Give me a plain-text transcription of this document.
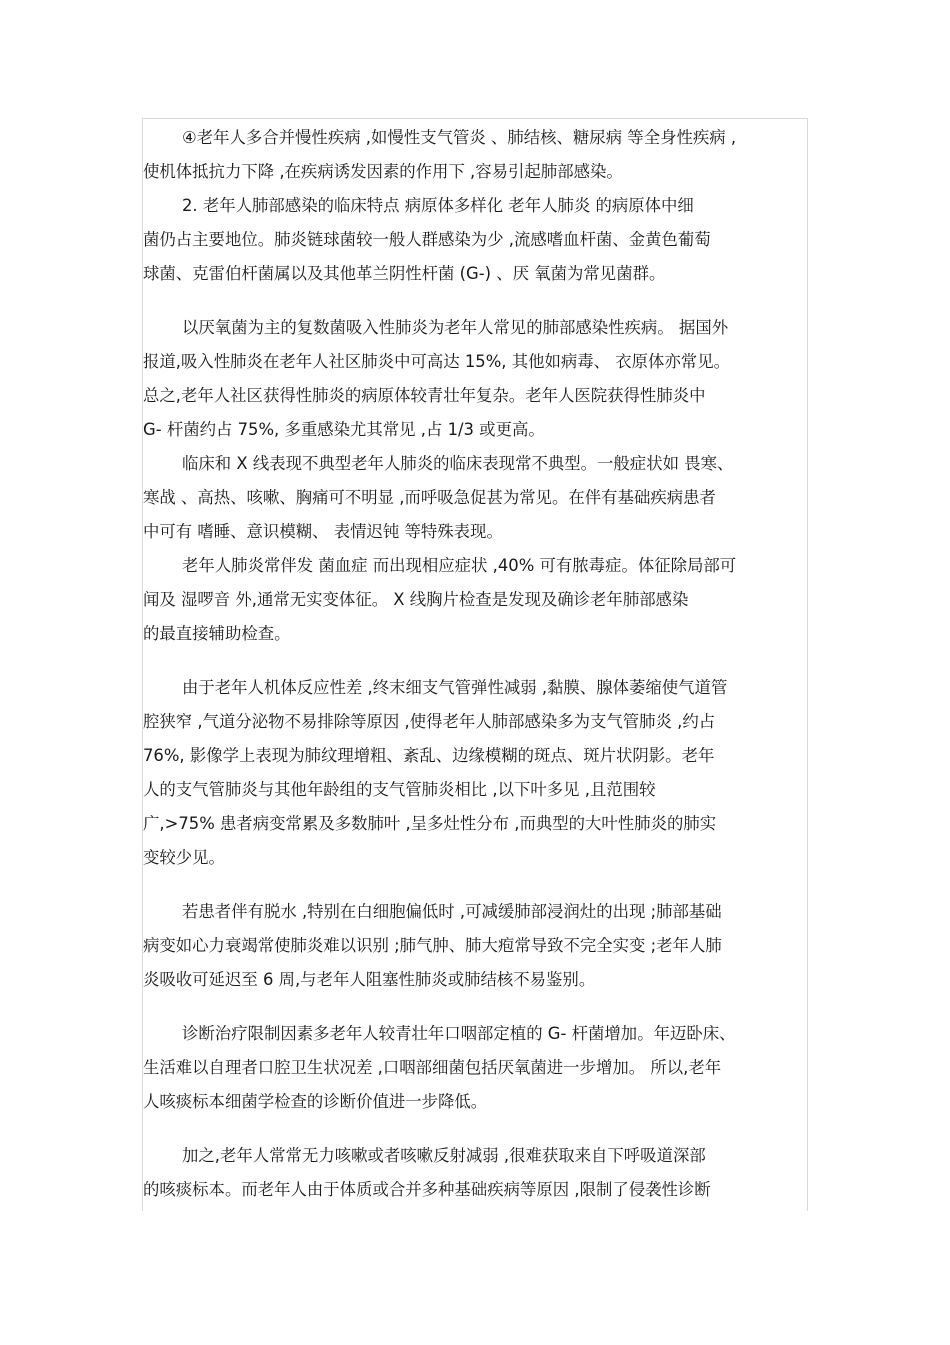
④老年人多合并慢性疾病 ,如慢性支气管炎 、肺结核、糖尿病 等全身性疾病 ,
使机体抵抗力下降 ,在疾病诱发因素的作用下 ,容易引起肺部感染。
2. 老年人肺部感染的临床特点 病原体多样化 老年人肺炎 的病原体中细
菌仍占主要地位。肺炎链球菌较一般人群感染为少 ,流感嗜血杆菌、金黄色葡萄
球菌、克雷伯杆菌属以及其他革兰阴性杆菌 (G-) 、厌 氧菌为常见菌群。
以厌氧菌为主的复数菌吸入性肺炎为老年人常见的肺部感染性疾病。 据国外
报道,吸入性肺炎在老年人社区肺炎中可高达 15%, 其他如病毒、 衣原体亦常见。
总之,老年人社区获得性肺炎的病原体较青壮年复杂。老年人医院获得性肺炎中
G- 杆菌约占 75%, 多重感染尤其常见 ,占 1/3 或更高。
临床和 X 线表现不典型老年人肺炎的临床表现常不典型。一般症状如 畏寒、
寒战 、高热、咳嗽、胸痛可不明显 ,而呼吸急促甚为常见。在伴有基础疾病患者
中可有 嗜睡、意识模糊、 表情迟钝 等特殊表现。
老年人肺炎常伴发 菌血症 而出现相应症状 ,40% 可有脓毒症。体征除局部可
闻及 湿啰音 外,通常无实变体征。 X 线胸片检查是发现及确诊老年肺部感染
的最直接辅助检查。
由于老年人机体反应性差 ,终末细支气管弹性减弱 ,黏膜、腺体萎缩使气道管
腔狭窄 ,气道分泌物不易排除等原因 ,使得老年人肺部感染多为支气管肺炎 ,约占
76%, 影像学上表现为肺纹理增粗、紊乱、边缘模糊的斑点、斑片状阴影。老年
人的支气管肺炎与其他年龄组的支气管肺炎相比 ,以下叶多见 ,且范围较
广,>75% 患者病变常累及多数肺叶 ,呈多灶性分布 ,而典型的大叶性肺炎的肺实
变较少见。
若患者伴有脱水 ,特别在白细胞偏低时 ,可减缓肺部浸润灶的出现 ;肺部基础
病变如心力衰竭常使肺炎难以识别 ;肺气肿、肺大疱常导致不完全实变 ;老年人肺
炎吸收可延迟至 6 周,与老年人阻塞性肺炎或肺结核不易鉴别。
诊断治疗限制因素多老年人较青壮年口咽部定植的 G- 杆菌增加。年迈卧床、
生活难以自理者口腔卫生状况差 ,口咽部细菌包括厌氧菌进一步增加。 所以,老年
人咳痰标本细菌学检查的诊断价值进一步降低。
加之,老年人常常无力咳嗽或者咳嗽反射减弱 ,很难获取来自下呼吸道深部
的咳痰标本。而老年人由于体质或合并多种基础疾病等原因 ,限制了侵袭性诊断
